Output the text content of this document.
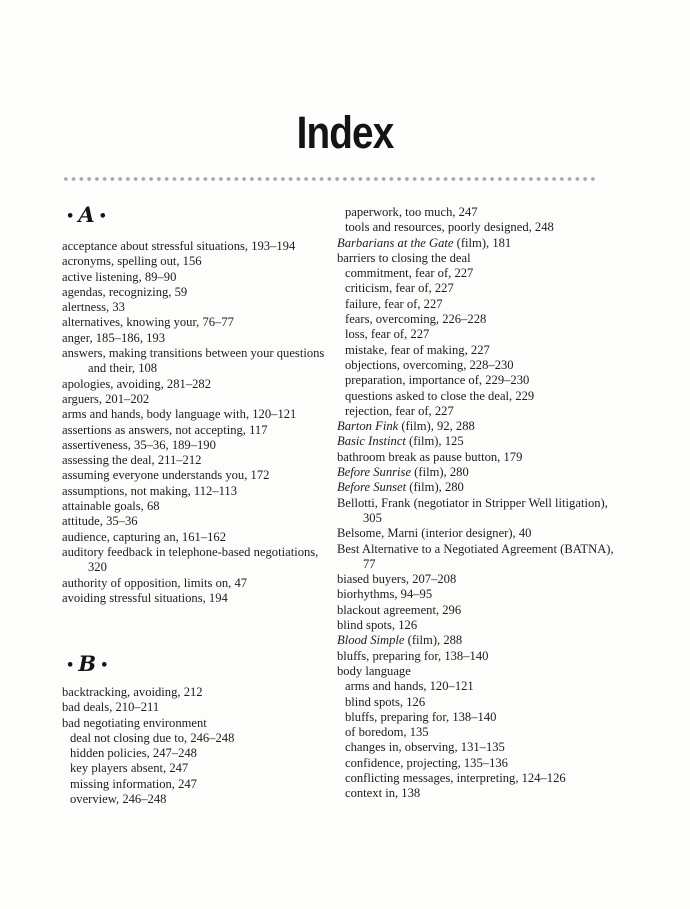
Index
• A •
acceptance about stressful situations, 193–194
acronyms, spelling out, 156
active listening, 89–90
agendas, recognizing, 59
alertness, 33
alternatives, knowing your, 76–77
anger, 185–186, 193
answers, making transitions between your questions and their, 108
apologies, avoiding, 281–282
arguers, 201–202
arms and hands, body language with, 120–121
assertions as answers, not accepting, 117
assertiveness, 35–36, 189–190
assessing the deal, 211–212
assuming everyone understands you, 172
assumptions, not making, 112–113
attainable goals, 68
attitude, 35–36
audience, capturing an, 161–162
auditory feedback in telephone-based negotiations, 320
authority of opposition, limits on, 47
avoiding stressful situations, 194
• B •
backtracking, avoiding, 212
bad deals, 210–211
bad negotiating environment
deal not closing due to, 246–248
hidden policies, 247–248
key players absent, 247
missing information, 247
overview, 246–248
paperwork, too much, 247
tools and resources, poorly designed, 248
Barbarians at the Gate (film), 181
barriers to closing the deal
commitment, fear of, 227
criticism, fear of, 227
failure, fear of, 227
fears, overcoming, 226–228
loss, fear of, 227
mistake, fear of making, 227
objections, overcoming, 228–230
preparation, importance of, 229–230
questions asked to close the deal, 229
rejection, fear of, 227
Barton Fink (film), 92, 288
Basic Instinct (film), 125
bathroom break as pause button, 179
Before Sunrise (film), 280
Before Sunset (film), 280
Bellotti, Frank (negotiator in Stripper Well litigation), 305
Belsome, Marni (interior designer), 40
Best Alternative to a Negotiated Agreement (BATNA), 77
biased buyers, 207–208
biorhythms, 94–95
blackout agreement, 296
blind spots, 126
Blood Simple (film), 288
bluffs, preparing for, 138–140
body language
arms and hands, 120–121
blind spots, 126
bluffs, preparing for, 138–140
of boredom, 135
changes in, observing, 131–135
confidence, projecting, 135–136
conflicting messages, interpreting, 124–126
context in, 138
